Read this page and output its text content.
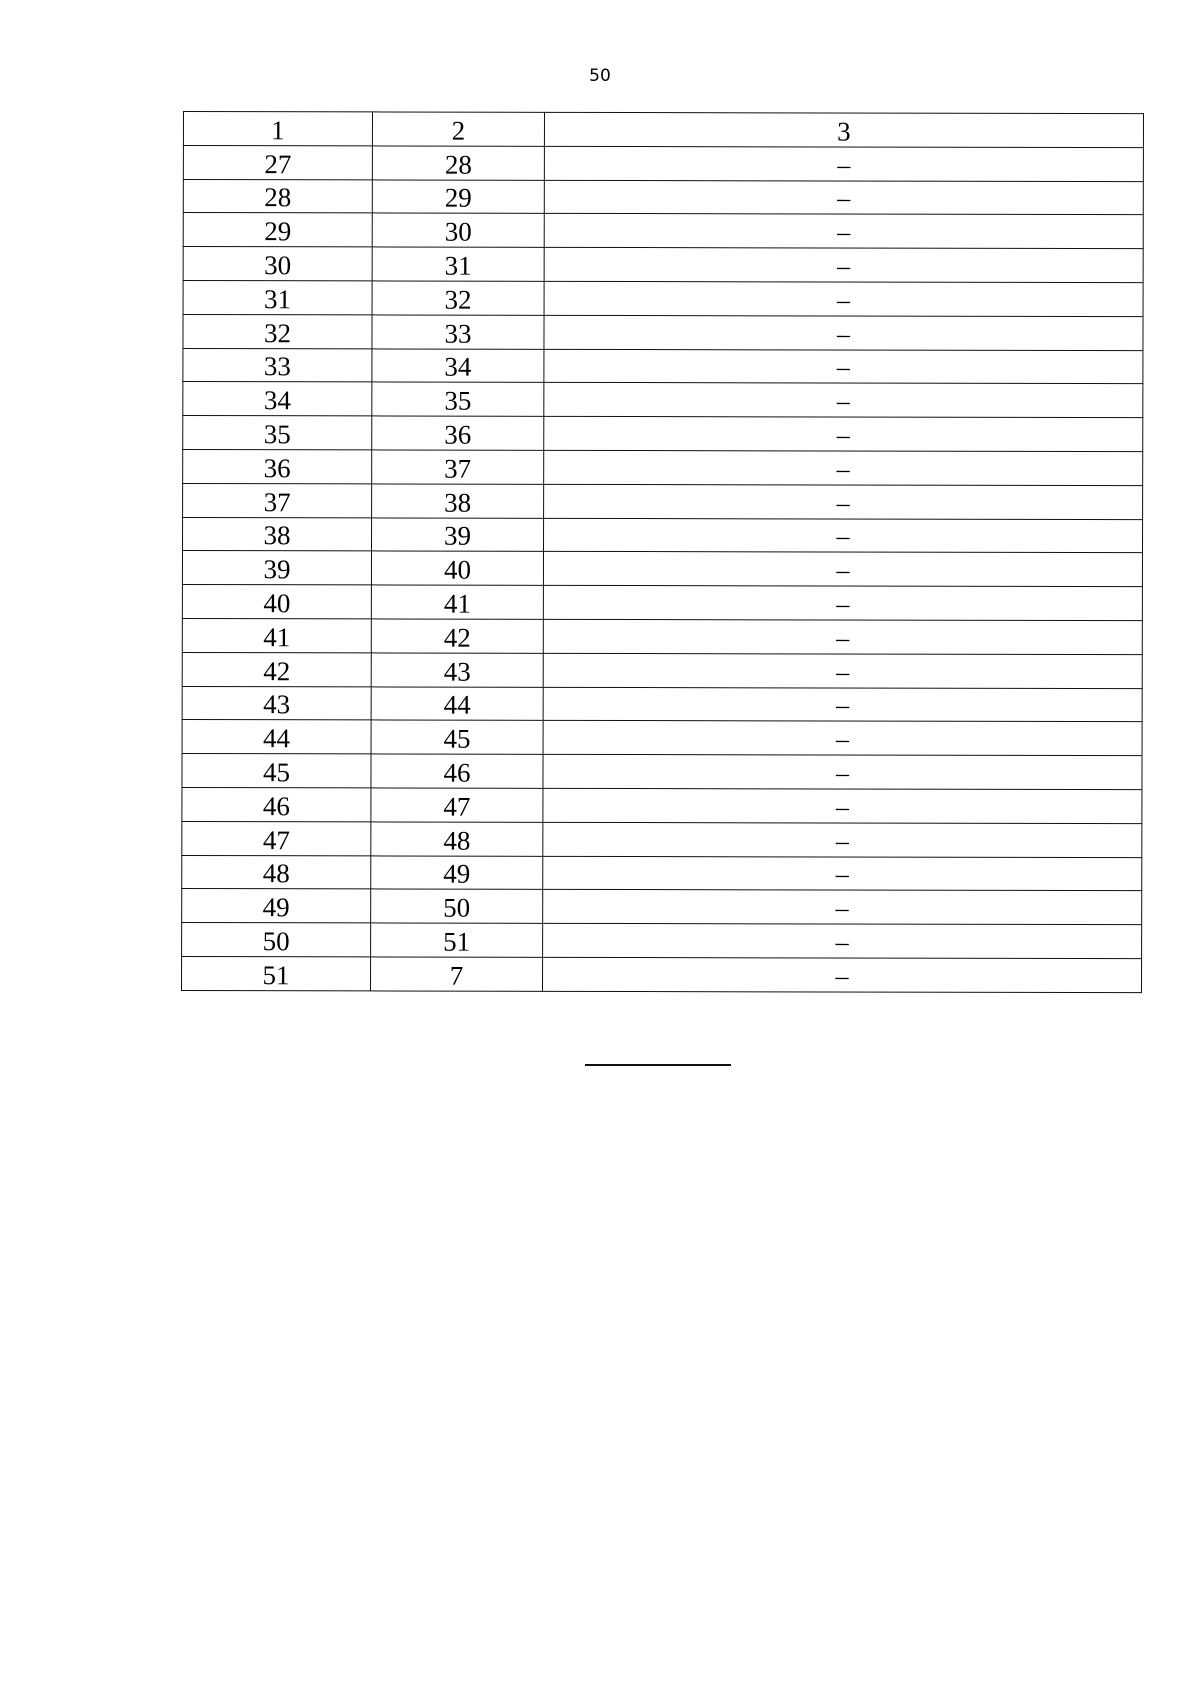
50
1	2	3
27	28	–
28	29	–
29	30	–
30	31	–
31	32	–
32	33	–
33	34	–
34	35	–
35	36	–
36	37	–
37	38	–
38	39	–
39	40	–
40	41	–
41	42	–
42	43	–
43	44	–
44	45	–
45	46	–
46	47	–
47	48	–
48	49	–
49	50	–
50	51	–
51	7	–
